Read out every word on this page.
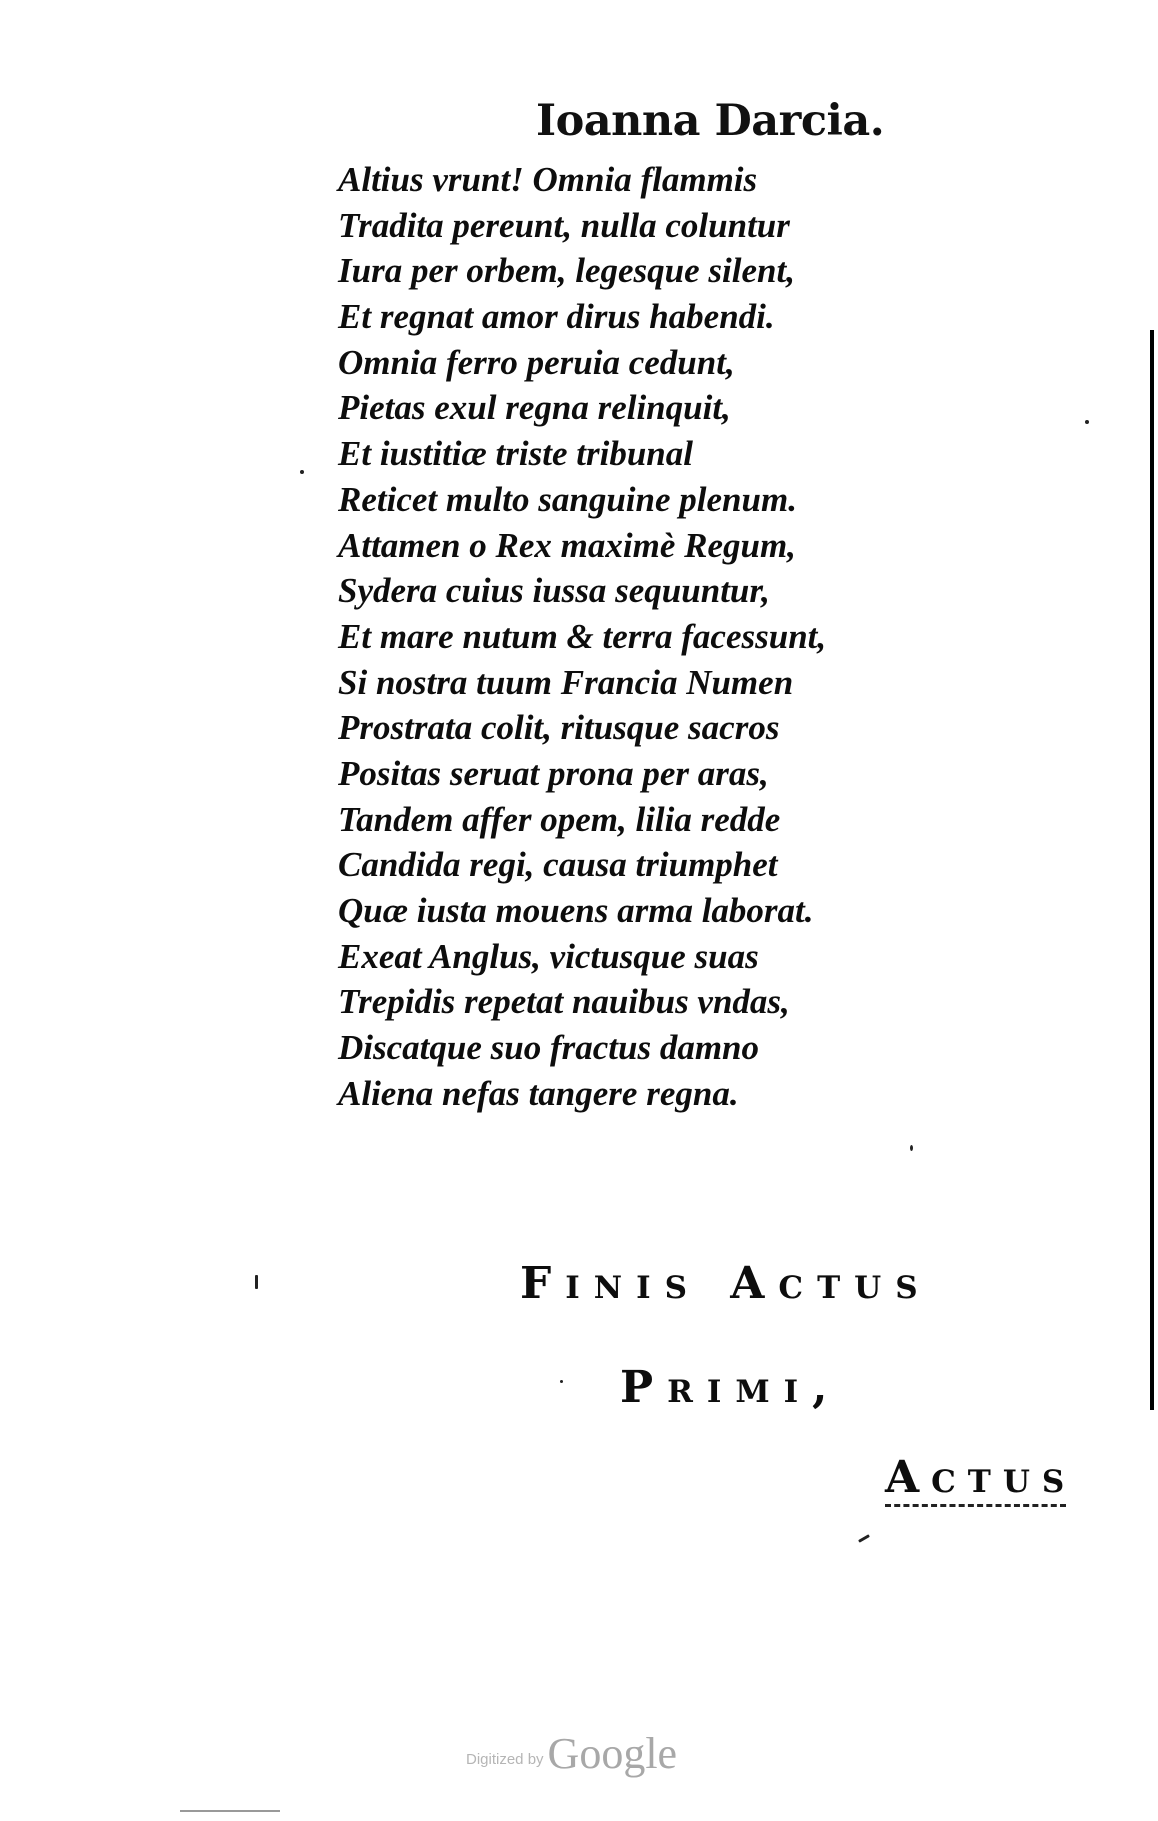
Ioanna Darcia.
Altius vrunt! Omnia flammis
Tradita pereunt, nulla coluntur
Iura per orbem, legesque silent,
Et regnat amor dirus habendi.
Omnia ferro peruia cedunt,
Pietas exul regna relinquit,
Et iustitiæ triste tribunal
Reticet multo sanguine plenum.
Attamen o Rex maximè Regum,
Sydera cuius iussa sequuntur,
Et mare nutum & terra facessunt,
Si nostra tuum Francia Numen
Prostrata colit, ritusque sacros
Positas seruat prona per aras,
Tandem affer opem, lilia redde
Candida regi, causa triumphet
Quæ iusta mouens arma laborat.
Exeat Anglus, victusque suas
Trepidis repetat nauibus vndas,
Discatque suo fractus damno
Aliena nefas tangere regna.
Finis Actus
Primi,
Actus
Digitized by Google
